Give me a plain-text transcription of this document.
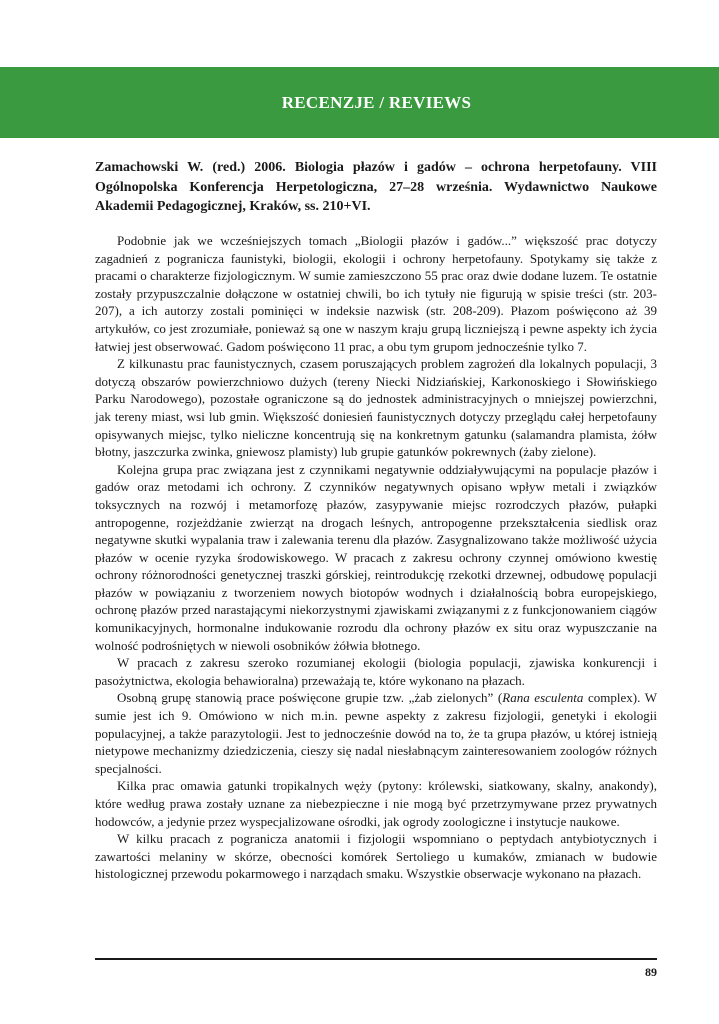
RECENZJE / REVIEWS
Zamachowski W. (red.) 2006. Biologia płazów i gadów – ochrona herpetofauny. VIII Ogólnopolska Konferencja Herpetologiczna, 27–28 września. Wydawnictwo Naukowe Akademii Pedagogicznej, Kraków, ss. 210+VI.

Podobnie jak we wcześniejszych tomach „Biologii płazów i gadów...” większość prac dotyczy zagadnień z pogranicza faunistyki, biologii, ekologii i ochrony herpetofauny. Spotykamy się także z pracami o charakterze fizjologicznym. W sumie zamieszczono 55 prac oraz dwie dodane luzem. Te ostatnie zostały przypuszczalnie dołączone w ostatniej chwili, bo ich tytuły nie figurują w spisie treści (str. 203-207), a ich autorzy zostali pominięci w indeksie nazwisk (str. 208-209). Płazom poświęcono aż 39 artykułów, co jest zrozumiałe, ponieważ są one w naszym kraju grupą liczniejszą i pewne aspekty ich życia łatwiej jest obserwować. Gadom poświęcono 11 prac, a obu tym grupom jednocześnie tylko 7.

Z kilkunastu prac faunistycznych, czasem poruszających problem zagrożeń dla lokalnych populacji, 3 dotyczą obszarów powierzchniowo dużych (tereny Niecki Nidziańskiej, Karkonoskiego i Słowińskiego Parku Narodowego), pozostałe ograniczone są do jednostek administracyjnych o mniejszej powierzchni, jak tereny miast, wsi lub gmin. Większość doniesień faunistycznych dotyczy przeglądu całej herpetofauny opisywanych miejsc, tylko nieliczne koncentrują się na konkretnym gatunku (salamandra plamista, żółw błotny, jaszczurka zwinka, gniewosz plamisty) lub grupie gatunków pokrewnych (żaby zielone).

Kolejna grupa prac związana jest z czynnikami negatywnie oddziaływującymi na populacje płazów i gadów oraz metodami ich ochrony. Z czynników negatywnych opisano wpływ metali i związków toksycznych na rozwój i metamorfozę płazów, zasypywanie miejsc rozrodczych płazów, pułapki antropogenne, rozjeżdżanie zwierząt na drogach leśnych, antropogenne przekształcenia siedlisk oraz negatywne skutki wypalania traw i zalewania terenu dla płazów. Zasygnalizowano także możliwość użycia płazów w ocenie ryzyka środowiskowego. W pracach z zakresu ochrony czynnej omówiono kwestię ochrony różnorodności genetycznej traszki górskiej, reintrodukcję rzekotki drzewnej, odbudowę populacji płazów w powiązaniu z tworzeniem nowych biotopów wodnych i działalnością bobra europejskiego, ochronę płazów przed narastającymi niekorzystnymi zjawiskami związanymi z z funkcjonowaniem ciągów komunikacyjnych, hormonalne indukowanie rozrodu dla ochrony płazów ex situ oraz wypuszczanie na wolność podrośniętych w niewoli osobników żółwia błotnego.

W pracach z zakresu szeroko rozumianej ekologii (biologia populacji, zjawiska konkurencji i pasożytnictwa, ekologia behawioralna) przeważają te, które wykonano na płazach.

Osobną grupę stanowią prace poświęcone grupie tzw. „żab zielonych” (Rana esculenta complex). W sumie jest ich 9. Omówiono w nich m.in. pewne aspekty z zakresu fizjologii, genetyki i ekologii populacyjnej, a także parazytologii. Jest to jednocześnie dowód na to, że ta grupa płazów, u której istnieją nietypowe mechanizmy dziedziczenia, cieszy się nadal niesłabnącym zainteresowaniem zoologów różnych specjalności.

Kilka prac omawia gatunki tropikalnych węży (pytony: królewski, siatkowany, skalny, anakondy), które według prawa zostały uznane za niebezpieczne i nie mogą być przetrzymywane przez prywatnych hodowców, a jedynie przez wyspecjalizowane ośrodki, jak ogrody zoologiczne i instytucje naukowe.

W kilku pracach z pogranicza anatomii i fizjologii wspomniano o peptydach antybiotycznych i zawartości melaniny w skórze, obecności komórek Sertoliego u kumaków, zmianach w budowie histologicznej przewodu pokarmowego i narządach smaku. Wszystkie obserwacje wykonano na płazach.

89
